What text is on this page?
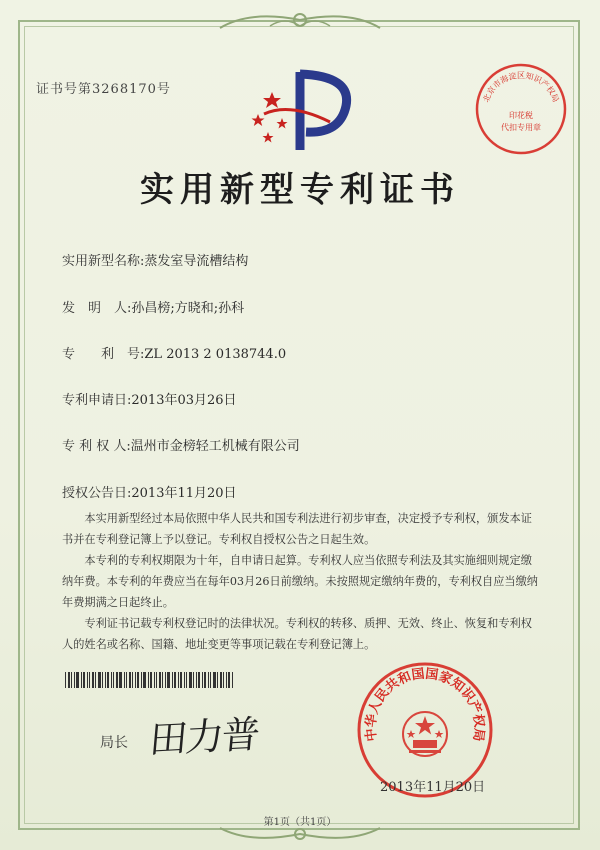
证书号第3268170号
北京市海淀区知识产权局
印花税
代扣专用章
实用新型专利证书
实用新型名称:蒸发室导流槽结构
发　明　人:孙昌榜;方晓和;孙科
专　　利　号:ZL 2013 2 0138744.0
专利申请日:2013年03月26日
专 利 权 人:温州市金榜轻工机械有限公司
授权公告日:2013年11月20日
本实用新型经过本局依照中华人民共和国专利法进行初步审查，决定授予专利权，颁发本证书并在专利登记簿上予以登记。专利权自授权公告之日起生效。
本专利的专利权期限为十年，自申请日起算。专利权人应当依照专利法及其实施细则规定缴纳年费。本专利的年费应当在每年03月26日前缴纳。未按照规定缴纳年费的，专利权自应当缴纳年费期满之日起终止。
专利证书记载专利权登记时的法律状况。专利权的转移、质押、无效、终止、恢复和专利权人的姓名或名称、国籍、地址变更等事项记载在专利登记簿上。
局长 田力普	中华人民共和国国家知识产权局
2013年11月20日
第1页（共1页）
